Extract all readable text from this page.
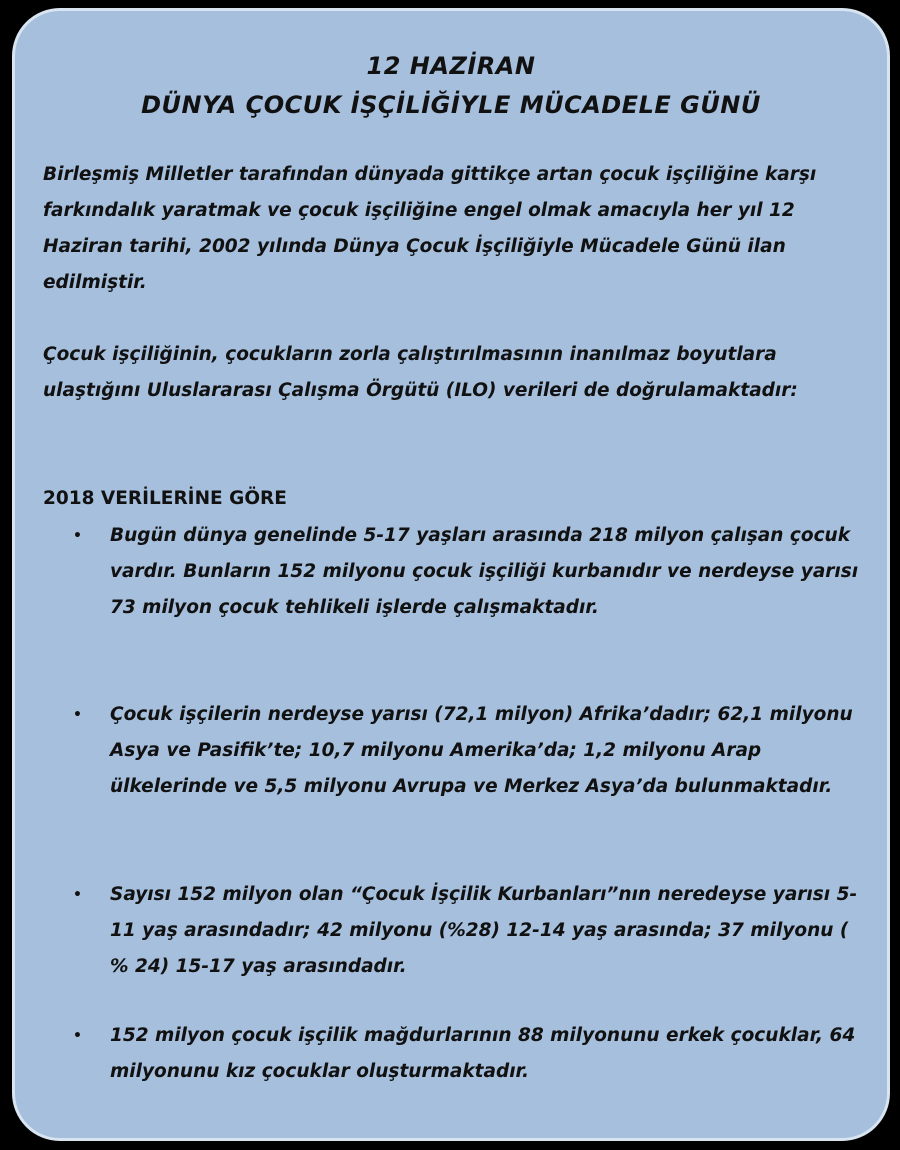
12 HAZİRAN
DÜNYA ÇOCUK İŞÇİLİĞİYLE MÜCADELE GÜNÜ

Birleşmiş Milletler tarafından dünyada gittikçe artan çocuk işçiliğine karşı farkındalık yaratmak ve çocuk işçiliğine engel olmak amacıyla her yıl 12 Haziran tarihi, 2002 yılında Dünya Çocuk İşçiliğiyle Mücadele Günü ilan edilmiştir.

Çocuk işçiliğinin, çocukların zorla çalıştırılmasının inanılmaz boyutlara ulaştığını Uluslararası Çalışma Örgütü (ILO) verileri de doğrulamaktadır:

2018 VERİLERİNE GÖRE

• Bugün dünya genelinde 5-17 yaşları arasında 218 milyon çalışan çocuk vardır. Bunların 152 milyonu çocuk işçiliği kurbanıdır ve nerdeyse yarısı 73 milyon çocuk tehlikeli işlerde çalışmaktadır.

• Çocuk işçilerin nerdeyse yarısı (72,1 milyon) Afrika’dadır; 62,1 milyonu Asya ve Pasifik’te; 10,7 milyonu Amerika’da; 1,2 milyonu Arap ülkelerinde ve 5,5 milyonu Avrupa ve Merkez Asya’da bulunmaktadır.

• Sayısı 152 milyon olan “Çocuk İşçilik Kurbanları”nın neredeyse yarısı 5-11 yaş arasındadır; 42 milyonu (%28) 12-14 yaş arasında; 37 milyonu ( % 24) 15-17 yaş arasındadır.

• 152 milyon çocuk işçilik mağdurlarının 88 milyonunu erkek çocuklar, 64 milyonunu kız çocuklar oluşturmaktadır.
